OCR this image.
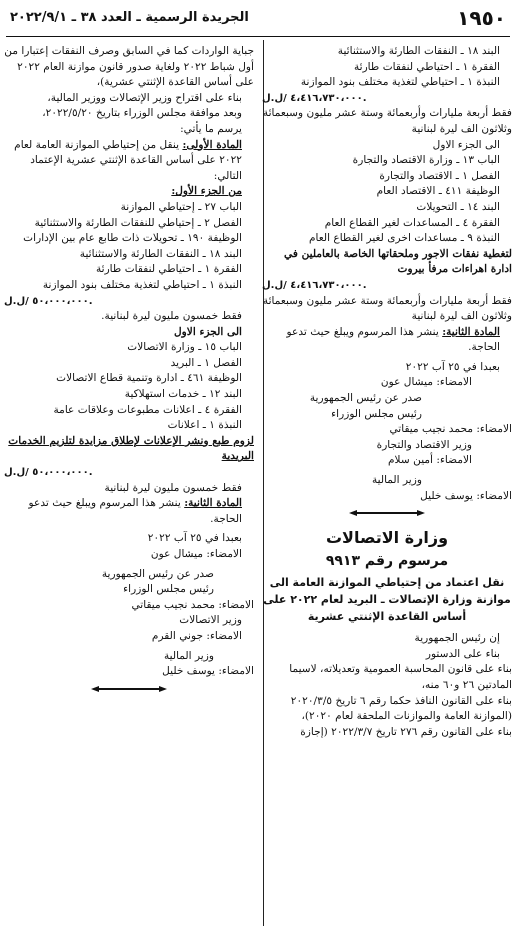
١٩٥٠
الجريدة الرسمية ـ العدد ٣٨ ـ ٢٠٢٢/٩/١

البند ١٨ ـ النفقات الطارئة والاستثنائية

الفقرة ١ ـ احتياطي لنفقات طارئة

النبذة ١ ـ احتياطي لتغذية مختلف بنود الموازنة

٤،٤١٦،٧٣٠،٠٠٠ /ل.ل.

فقط أربعة مليارات وأربعمائة وستة عشر مليون وسبعمائة وثلاثون الف ليرة لبنانية

الى الجزء الاول

الباب ١٣ ـ وزارة الاقتصاد والتجارة

الفصل ١ ـ الاقتصاد والتجارة

الوظيفة ٤١١ ـ الاقتصاد العام

البند ١٤ ـ التحويلات

الفقرة ٤ ـ المساعدات لغير القطاع العام

النبذة ٩ ـ مساعدات اخرى لغير القطاع العام

لتغطية نفقات الاجور وملحقاتها الخاصة بالعاملين في ادارة اهراءات مرفأ بيروت

٤،٤١٦،٧٣٠،٠٠٠ /ل.ل.

فقط أربعة مليارات وأربعمائة وستة عشر مليون وسبعمائة وثلاثون الف ليرة لبنانية

المادة الثانية: ينشر هذا المرسوم ويبلغ حيث تدعو الحاجة.

بعبدا في ٢٥ آب ٢٠٢٢

الامضاء: ميشال عون

صدر عن رئيس الجمهورية

رئيس مجلس الوزراء

الامضاء: محمد نجيب ميقاتي

وزير الاقتصاد والتجارة

الامضاء: أمين سلام

وزير المالية

الامضاء: يوسف خليل

وزارة الاتصالات
مرسوم رقم ٩٩١٣
نقل اعتماد من إحتياطي الموازنة العامة الى موازنة وزارة الإتصالات ـ البريد لعام ٢٠٢٢ على أساس القاعدة الإثنتي عشرية

إن رئيس الجمهورية

بناء على الدستور

بناء على قانون المحاسبة العمومية وتعديلاته، لاسيما المادتين ٢٦ و٦٠ منه،

بناء على القانون النافذ حكما رقم ٦ تاريخ ٢٠٢٠/٣/٥ (الموازنة العامة والموازنات الملحقة لعام ٢٠٢٠)،

بناء على القانون رقم ٢٧٦ تاريخ ٢٠٢٢/٣/٧ (إجازة

جباية الواردات كما في السابق وصرف النفقات إعتبارا من أول شباط ٢٠٢٢ ولغاية صدور قانون موازنة العام ٢٠٢٢ على أساس القاعدة الإثنتي عشرية)،

بناء على اقتراح وزير الإتصالات ووزير المالية،

وبعد موافقة مجلس الوزراء بتاريخ ٢٠٢٢/٥/٢٠،

يرسم ما يأتي:

المادة الأولى: ينقل من إحتياطي الموازنة العامة لعام ٢٠٢٢ على أساس القاعدة الإثنتي عشرية الإعتماد التالي:

من الجزء الأول:

الباب ٢٧ ـ إحتياطي الموازنة

الفصل ٢ ـ إحتياطي للنفقات الطارئة والاستثنائية

الوظيفة ١٩٠ ـ تحويلات ذات طابع عام بين الإدارات

البند ١٨ ـ النفقات الطارئة والاستثنائية

الفقرة ١ ـ احتياطي لنفقات طارئة

النبذة ١ ـ احتياطي لتغذية مختلف بنود الموازنة

٥٠،٠٠٠،٠٠٠ /ل.ل.

فقط خمسون مليون ليرة لبنانية.

الى الجزء الاول

الباب ١٥ ـ وزارة الاتصالات

الفصل ١ ـ البريد

الوظيفة ٤٦١ ـ ادارة وتنمية قطاع الاتصالات

البند ١٢ ـ خدمات استهلاكية

الفقرة ٤ ـ اعلانات مطبوعات وعلاقات عامة

النبذة ١ ـ اعلانات

لزوم طبع ونشر الإعلانات لإطلاق مزايدة لتلزيم الخدمات البريدية

٥٠،٠٠٠،٠٠٠ /ل.ل.

فقط خمسون مليون ليرة لبنانية

المادة الثانية: ينشر هذا المرسوم ويبلغ حيث تدعو الحاجة.

بعبدا في ٢٥ آب ٢٠٢٢

الامضاء: ميشال عون

صدر عن رئيس الجمهورية

رئيس مجلس الوزراء

الامضاء: محمد نجيب ميقاتي

وزير الاتصالات

الامضاء: جوني القرم

وزير المالية

الامضاء: يوسف خليل
